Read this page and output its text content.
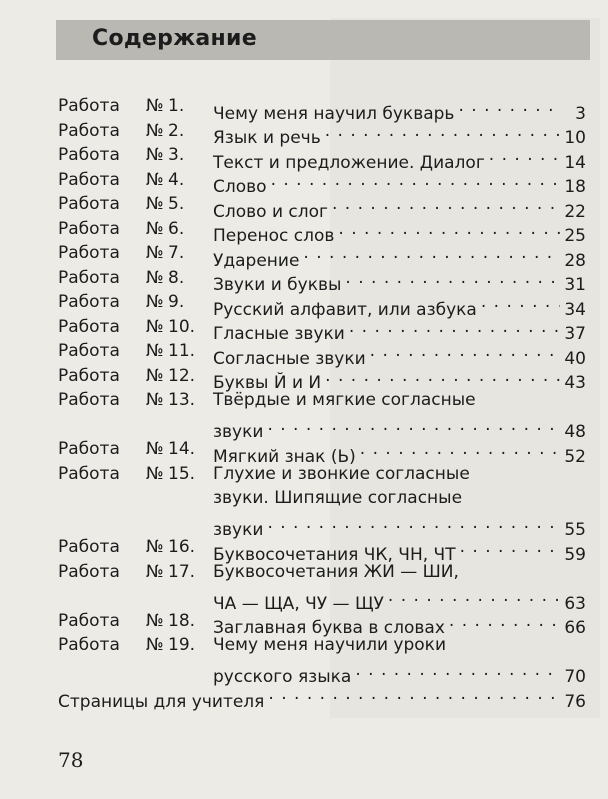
Содержание
Работа № 1.	Чему меня научил букварь . . .	3
Работа № 2.	Язык и речь . . .	10
Работа № 3.	Текст и предложение. Диалог . . .	14
Работа № 4.	Слово . . .	18
Работа № 5.	Слово и слог . . .	22
Работа № 6.	Перенос слов . . .	25
Работа № 7.	Ударение . . .	28
Работа № 8.	Звуки и буквы . . .	31
Работа № 9.	Русский алфавит, или азбука . . .	34
Работа № 10.	Гласные звуки . . .	37
Работа № 11.	Согласные звуки . . .	40
Работа № 12.	Буквы Й и И . . .	43
Работа № 13.	Твёрдые и мягкие согласные
звуки . . .	48
Работа № 14.	Мягкий знак (Ь) . . .	52
Работа № 15.	Глухие и звонкие согласные
звуки. Шипящие согласные
звуки . . .	55
Работа № 16.	Буквосочетания ЧК, ЧН, ЧТ . . .	59
Работа № 17.	Буквосочетания ЖИ — ШИ,
ЧА — ЩА, ЧУ — ЩУ . . .	63
Работа № 18.	Заглавная буква в словах . . .	66
Работа № 19.	Чему меня научили уроки
русского языка . . .	70
Страницы для учителя . . .	76
78
